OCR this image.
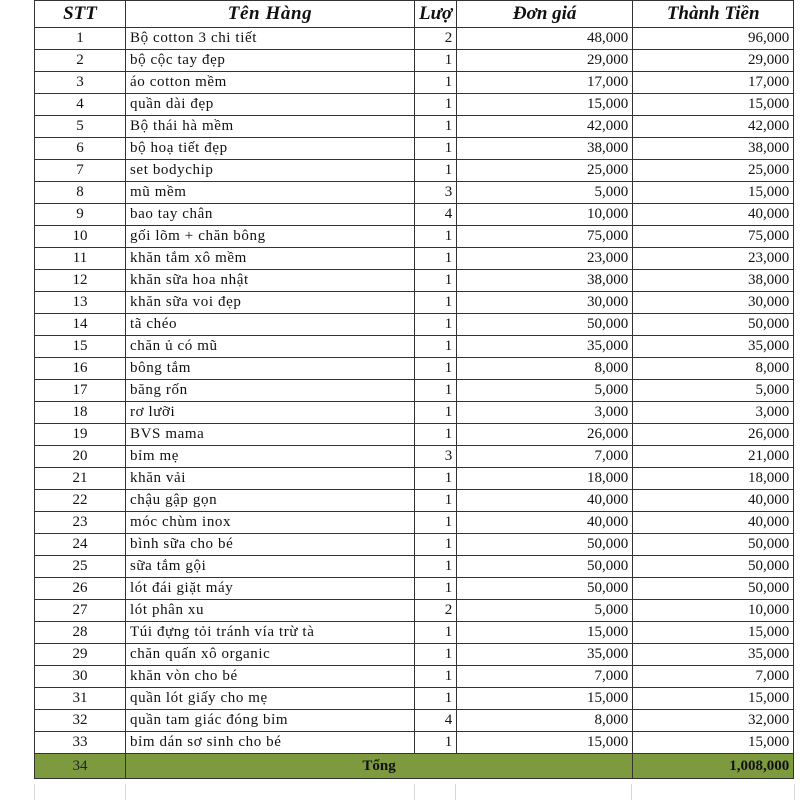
STT	Tên Hàng	Lượ	Đơn giá	Thành Tiền
1	Bộ cotton 3 chi tiết	2	48,000	96,000
2	bộ cộc tay đẹp	1	29,000	29,000
3	áo cotton mềm	1	17,000	17,000
4	quần dài đẹp	1	15,000	15,000
5	Bộ thái hà mềm	1	42,000	42,000
6	bộ hoạ tiết đẹp	1	38,000	38,000
7	set bodychip	1	25,000	25,000
8	mũ mềm	3	5,000	15,000
9	bao tay chân	4	10,000	40,000
10	gối lõm + chăn bông	1	75,000	75,000
11	khăn tắm xô mềm	1	23,000	23,000
12	khăn sữa hoa nhật	1	38,000	38,000
13	khăn sữa voi đẹp	1	30,000	30,000
14	tã chéo	1	50,000	50,000
15	chăn ủ có mũ	1	35,000	35,000
16	bông tắm	1	8,000	8,000
17	băng rốn	1	5,000	5,000
18	rơ lưỡi	1	3,000	3,000
19	BVS mama	1	26,000	26,000
20	bỉm mẹ	3	7,000	21,000
21	khăn vải	1	18,000	18,000
22	chậu gập gọn	1	40,000	40,000
23	móc chùm inox	1	40,000	40,000
24	bình sữa cho bé	1	50,000	50,000
25	sữa tắm gội	1	50,000	50,000
26	lót đái giặt máy	1	50,000	50,000
27	lót phân xu	2	5,000	10,000
28	Túi đựng tỏi tránh vía trừ tà	1	15,000	15,000
29	chăn quấn xô organic	1	35,000	35,000
30	khăn vòn cho bé	1	7,000	7,000
31	quần lót giấy cho mẹ	1	15,000	15,000
32	quần tam giác đóng bỉm	4	8,000	32,000
33	bỉm dán sơ sinh cho bé	1	15,000	15,000
34	Tổng			1,008,000
